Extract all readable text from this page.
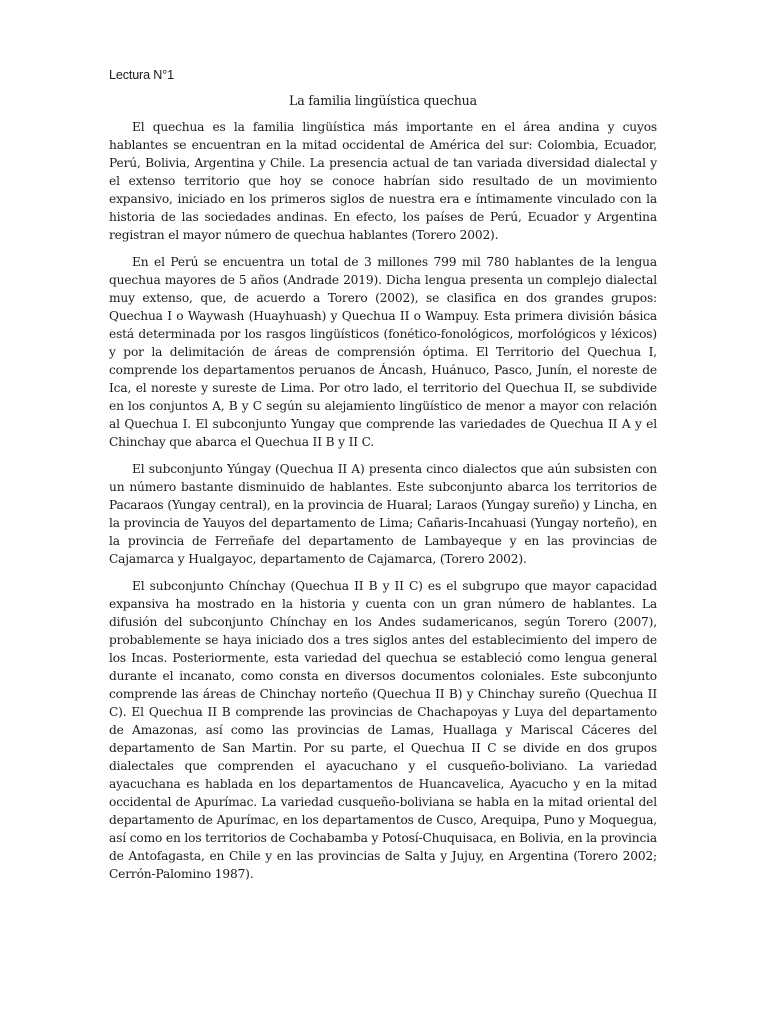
Lectura N°1
La familia lingüística quechua

El quechua es la familia lingüística más importante en el área andina y cuyos hablantes se encuentran en la mitad occidental de América del sur: Colombia, Ecuador, Perú, Bolivia, Argentina y Chile. La presencia actual de tan variada diversidad dialectal y el extenso territorio que hoy se conoce habrían sido resultado de un movimiento expansivo, iniciado en los primeros siglos de nuestra era e íntimamente vinculado con la historia de las sociedades andinas. En efecto, los países de Perú, Ecuador y Argentina registran el mayor número de quechua hablantes (Torero 2002).

En el Perú se encuentra un total de 3 millones 799 mil 780 hablantes de la lengua quechua mayores de 5 años (Andrade 2019). Dicha lengua presenta un complejo dialectal muy extenso, que, de acuerdo a Torero (2002), se clasifica en dos grandes grupos: Quechua I o Waywash (Huayhuash) y Quechua II o Wampuy. Esta primera división básica está determinada por los rasgos lingüísticos (fonético-fonológicos, morfológicos y léxicos) y por la delimitación de áreas de comprensión óptima. El Territorio del Quechua I, comprende los departamentos peruanos de Áncash, Huánuco, Pasco, Junín, el noreste de Ica, el noreste y sureste de Lima. Por otro lado, el territorio del Quechua II, se subdivide en los conjuntos A, B y C según su alejamiento lingüístico de menor a mayor con relación al Quechua I. El subconjunto Yungay que comprende las variedades de Quechua II A y el Chinchay que abarca el Quechua II B y II C.

El subconjunto Yúngay (Quechua II A) presenta cinco dialectos que aún subsisten con un número bastante disminuido de hablantes. Este subconjunto abarca los territorios de Pacaraos (Yungay central), en la provincia de Huaral; Laraos (Yungay sureño) y Lincha, en la provincia de Yauyos del departamento de Lima; Cañaris-Incahuasi (Yungay norteño), en la provincia de Ferreñafe del departamento de Lambayeque y en las provincias de Cajamarca y Hualgayoc, departamento de Cajamarca, (Torero 2002).

El subconjunto Chínchay (Quechua II B y II C) es el subgrupo que mayor capacidad expansiva ha mostrado en la historia y cuenta con un gran número de hablantes. La difusión del subconjunto Chínchay en los Andes sudamericanos, según Torero (2007), probablemente se haya iniciado dos a tres siglos antes del establecimiento del impero de los Incas. Posteriormente, esta variedad del quechua se estableció como lengua general durante el incanato, como consta en diversos documentos coloniales. Este subconjunto comprende las áreas de Chinchay norteño (Quechua II B) y Chinchay sureño (Quechua II C). El Quechua II B comprende las provincias de Chachapoyas y Luya del departamento de Amazonas, así como las provincias de Lamas, Huallaga y Mariscal Cáceres del departamento de San Martin. Por su parte, el Quechua II C se divide en dos grupos dialectales que comprenden el ayacuchano y el cusqueño-boliviano. La variedad ayacuchana es hablada en los departamentos de Huancavelica, Ayacucho y en la mitad occidental de Apurímac. La variedad cusqueño-boliviana se habla en la mitad oriental del departamento de Apurímac, en los departamentos de Cusco, Arequipa, Puno y Moquegua, así como en los territorios de Cochabamba y Potosí-Chuquisaca, en Bolivia, en la provincia de Antofagasta, en Chile y en las provincias de Salta y Jujuy, en Argentina (Torero 2002; Cerrón-Palomino 1987).
